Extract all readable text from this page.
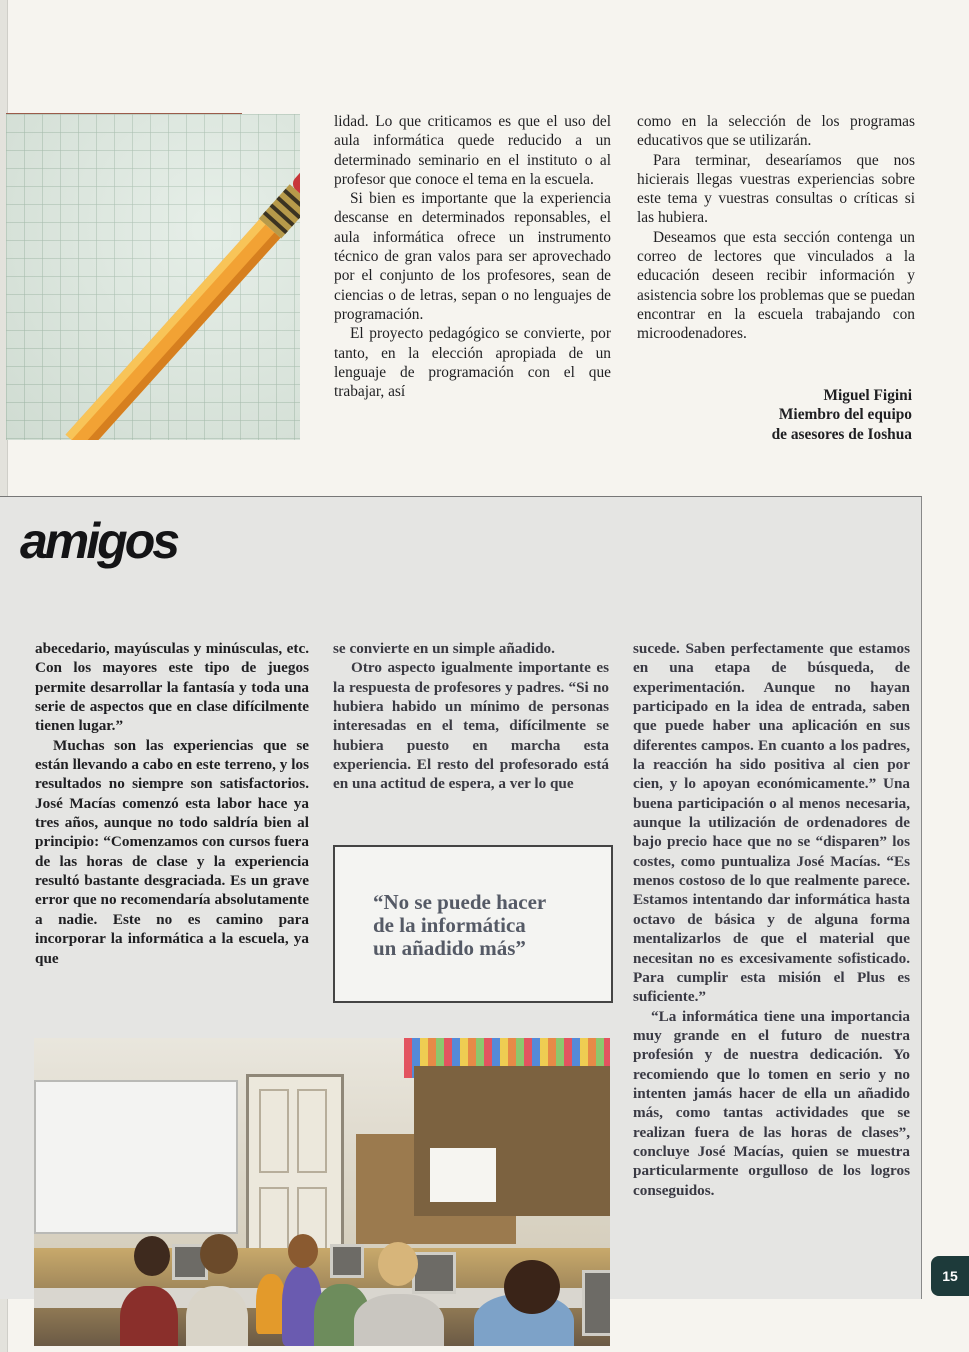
lidad. Lo que criticamos es que el uso del aula informática quede reducido a un determinado seminario en el instituto o al profesor que conoce el tema en la escuela.

Si bien es importante que la experiencia descanse en determinados reponsables, el aula informática ofrece un instrumento técnico de gran valos para ser aprovechado por el conjunto de los profesores, sean de ciencias o de letras, sepan o no lenguajes de programación.

El proyecto pedagógico se convierte, por tanto, en la elección apropiada de un lenguaje de programación con el que trabajar, así

como en la selección de los programas educativos que se utilizarán.

Para terminar, desearíamos que nos hicierais llegas vuestras experiencias sobre este tema y vuestras consultas o críticas si las hubiera.

Deseamos que esta sección contenga un correo de lectores que vinculados a la educación deseen recibir información y asistencia sobre los problemas que se puedan encontrar en la escuela trabajando con microodenadores.

Miguel Figini
Miembro del equipo
de asesores de Ioshua
amigos

abecedario, mayúsculas y minúsculas, etc. Con los mayores este tipo de juegos permite desarrollar la fantasía y toda una serie de aspectos que en clase difícilmente tienen lugar.”

Muchas son las experiencias que se están llevando a cabo en este terreno, y los resultados no siempre son satisfactorios. José Macías comenzó esta labor hace ya tres años, aunque no todo saldría bien al principio: “Comenzamos con cursos fuera de las horas de clase y la experiencia resultó bastante desgraciada. Es un grave error que no recomendaría absolutamente a nadie. Este no es camino para incorporar la informática a la escuela, ya que

se convierte en un simple añadido.

Otro aspecto igualmente importante es la respuesta de profesores y padres. “Si no hubiera habido un mínimo de personas interesadas en el tema, difícilmente se hubiera puesto en marcha esta experiencia. El resto del profesorado está en una actitud de espera, a ver lo que

sucede. Saben perfectamente que estamos en una etapa de búsqueda, de experimentación. Aunque no hayan participado en la idea de entrada, saben que puede haber una aplicación en sus diferentes campos. En cuanto a los padres, la reacción ha sido positiva al cien por cien, y lo apoyan económicamente.” Una buena participación o al menos necesaria, aunque la utilización de ordenadores de bajo precio hace que no se “disparen” los costes, como puntualiza José Macías. “Es menos costoso de lo que realmente parece. Estamos intentando dar informática hasta octavo de básica y de alguna forma mentalizarlos de que el material que necesitan no es excesivamente sofisticado. Para cumplir esta misión el Plus es suficiente.”

“La informática tiene una importancia muy grande en el futuro de nuestra profesión y de nuestra dedicación. Yo recomiendo que lo tomen en serio y no intenten jamás hacer de ella un añadido más, como tantas actividades que se realizan fuera de las horas de clases”, concluye José Macías, quien se muestra particularmente orgulloso de los logros conseguidos.

“No se puede hacer
de la informática
un añadido más”
15
